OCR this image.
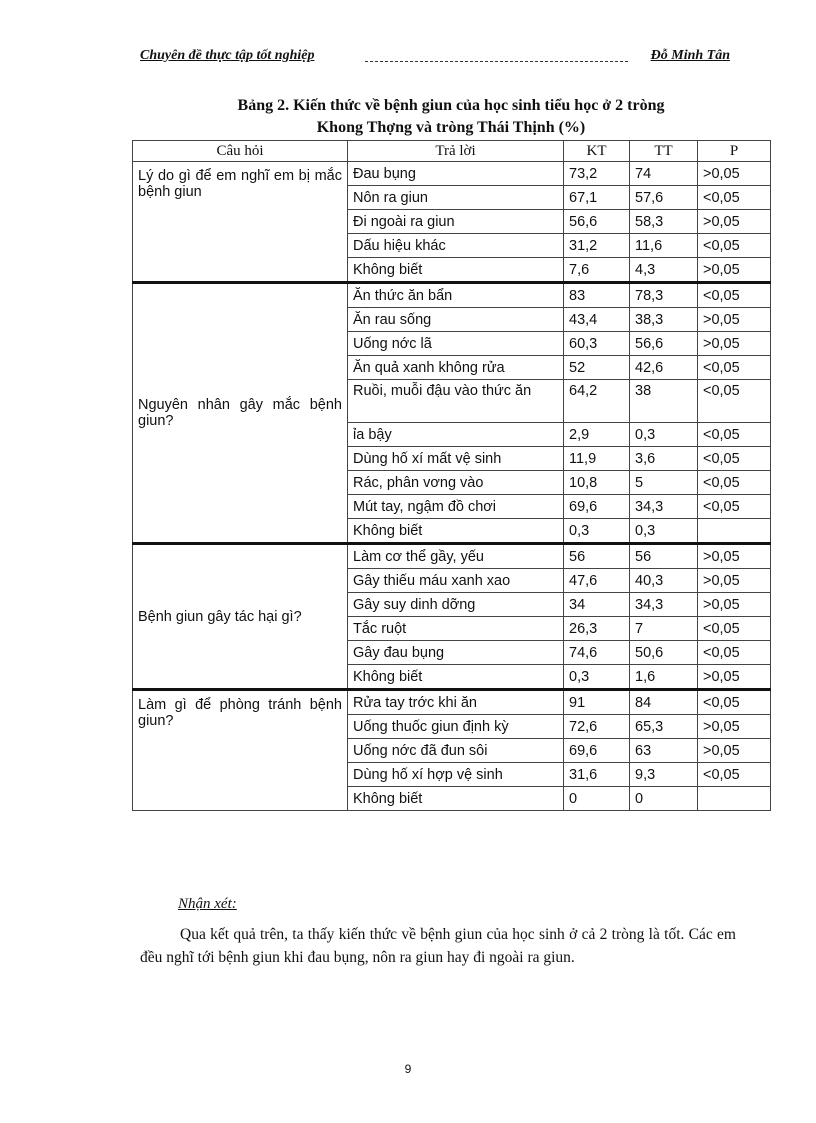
Chuyên đề thực tập tốt nghiệp	Đỗ Minh Tân
Bảng 2. Kiến thức về bệnh giun của học sinh tiểu học ở 2 tròng
Khong Thợng và tròng Thái Thịnh (%)
Câu hỏi	Trả lời	KT	TT	P
Lý do gì để em nghĩ em bị mắc bệnh giun	Đau bụng	73,2	74	>0,05
	Nôn ra giun	67,1	57,6	<0,05
	Đi ngoài ra giun	56,6	58,3	>0,05
	Dấu hiệu khác	31,2	11,6	<0,05
	Không biết	7,6	4,3	>0,05
Nguyên nhân gây mắc bệnh giun?	Ăn thức ăn bẩn	83	78,3	<0,05
	Ăn rau sống	43,4	38,3	>0,05
	Uống nớc lã	60,3	56,6	>0,05
	Ăn quả xanh không rửa	52	42,6	<0,05
	Ruồi, muỗi đậu vào thức ăn	64,2	38	<0,05
	ỉa bậy	2,9	0,3	<0,05
	Dùng hố xí mất vệ sinh	11,9	3,6	<0,05
	Rác, phân vơng vào	10,8	5	<0,05
	Mút tay, ngậm đồ chơi	69,6	34,3	<0,05
	Không biết	0,3	0,3	
Bệnh giun gây tác hại gì?	Làm cơ thể gầy, yếu	56	56	>0,05
	Gây thiếu máu xanh xao	47,6	40,3	>0,05
	Gây suy dinh dỡng	34	34,3	>0,05
	Tắc ruột	26,3	7	<0,05
	Gây đau bụng	74,6	50,6	<0,05
	Không biết	0,3	1,6	>0,05
Làm gì để phòng tránh bệnh giun?	Rửa tay trớc khi ăn	91	84	<0,05
	Uống thuốc giun định kỳ	72,6	65,3	>0,05
	Uống nớc đã đun sôi	69,6	63	>0,05
	Dùng hố xí hợp vệ sinh	31,6	9,3	<0,05
	Không biết	0	0	
Nhận xét:
Qua kết quả trên, ta thấy kiến thức về bệnh giun của học sinh ở cả 2 tròng là tốt. Các em đều nghĩ tới bệnh giun khi đau bụng, nôn ra giun hay đi ngoài ra giun.
9
